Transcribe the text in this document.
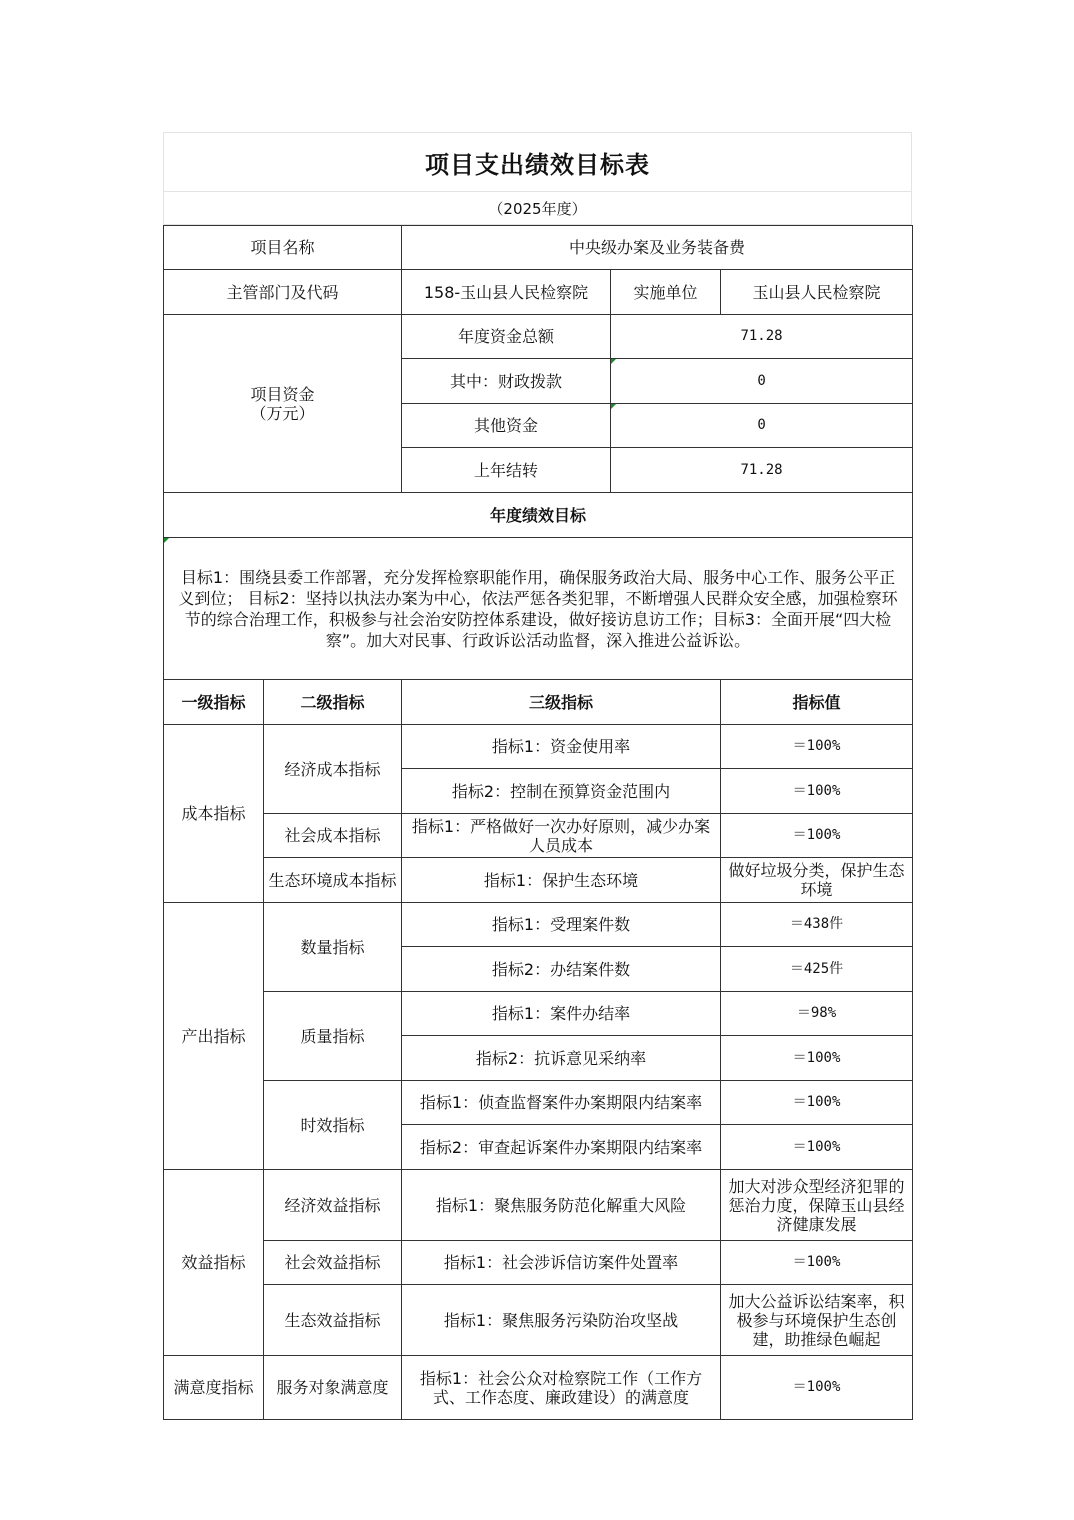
项目支出绩效目标表
（2025年度）
项目名称		中央级办案及业务装备费		
主管部门及代码		158-玉山县人民检察院	实施单位	玉山县人民检察院

项目资金
（万元）		年度资金总额	71.28	
		其中：财政拨款	0	
		其他资金	0	
		上年结转	71.28	
年度绩效目标				
目标1：围绕县委工作部署，充分发挥检察职能作用，确保服务政治大局、服务中心工作、服务公平正义到位； 目标2：坚持以执法办案为中心，依法严惩各类犯罪，不断增强人民群众安全感，加强检察环节的综合治理工作，积极参与社会治安防控体系建设，做好接访息访工作；目标3：全面开展“四大检察”。加大对民事、行政诉讼活动监督，深入推进公益诉讼。				
一级指标	二级指标	三级指标		指标值
成本指标	经济成本指标	指标1：资金使用率		＝100%
		指标2：控制在预算资金范围内		＝100%
	社会成本指标	指标1：严格做好一次办好原则，减少办案人员成本		＝100%
	生态环境成本指标	指标1：保护生态环境		做好垃圾分类，保护生态环境
产出指标	数量指标	指标1：受理案件数		＝438件
		指标2：办结案件数		＝425件
	质量指标	指标1：案件办结率		＝98%
		指标2：抗诉意见采纳率		＝100%
	时效指标	指标1：侦查监督案件办案期限内结案率		＝100%
		指标2：审查起诉案件办案期限内结案率		＝100%
效益指标	经济效益指标	指标1：聚焦服务防范化解重大风险		加大对涉众型经济犯罪的惩治力度，保障玉山县经济健康发展
	社会效益指标	指标1：社会涉诉信访案件处置率		＝100%
	生态效益指标	指标1：聚焦服务污染防治攻坚战		加大公益诉讼结案率，积极参与环境保护生态创建，助推绿色崛起
满意度指标	服务对象满意度	指标1：社会公众对检察院工作（工作方式、工作态度、廉政建设）的满意度		＝100%
